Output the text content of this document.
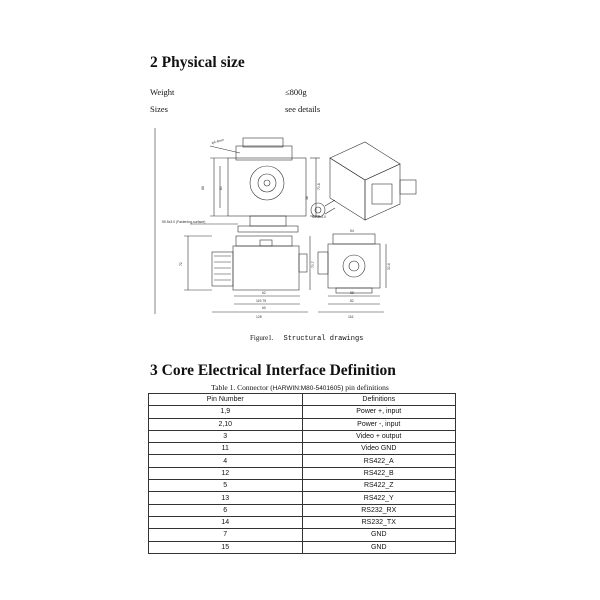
2 Physical size
Weight	≤800g
Sizes	see details
φ6.4mm
88	80
38
70.8
M2.5x5.0
55.5x3.0 (Fastening-surface)
72
62
119.75
60
128
70.7
54
30.4
88
82
116
Figure1. Structural drawings
3 Core Electrical Interface Definition
Table 1. Connector (HARWIN:M80-5401605) pin definitions
Pin Number	Definitions
1,9	Power +, input
2,10	Power -, input
3	Video + output
11	Video GND
4	RS422_A
12	RS422_B
5	RS422_Z
13	RS422_Y
6	RS232_RX
14	RS232_TX
7	GND
15	GND
